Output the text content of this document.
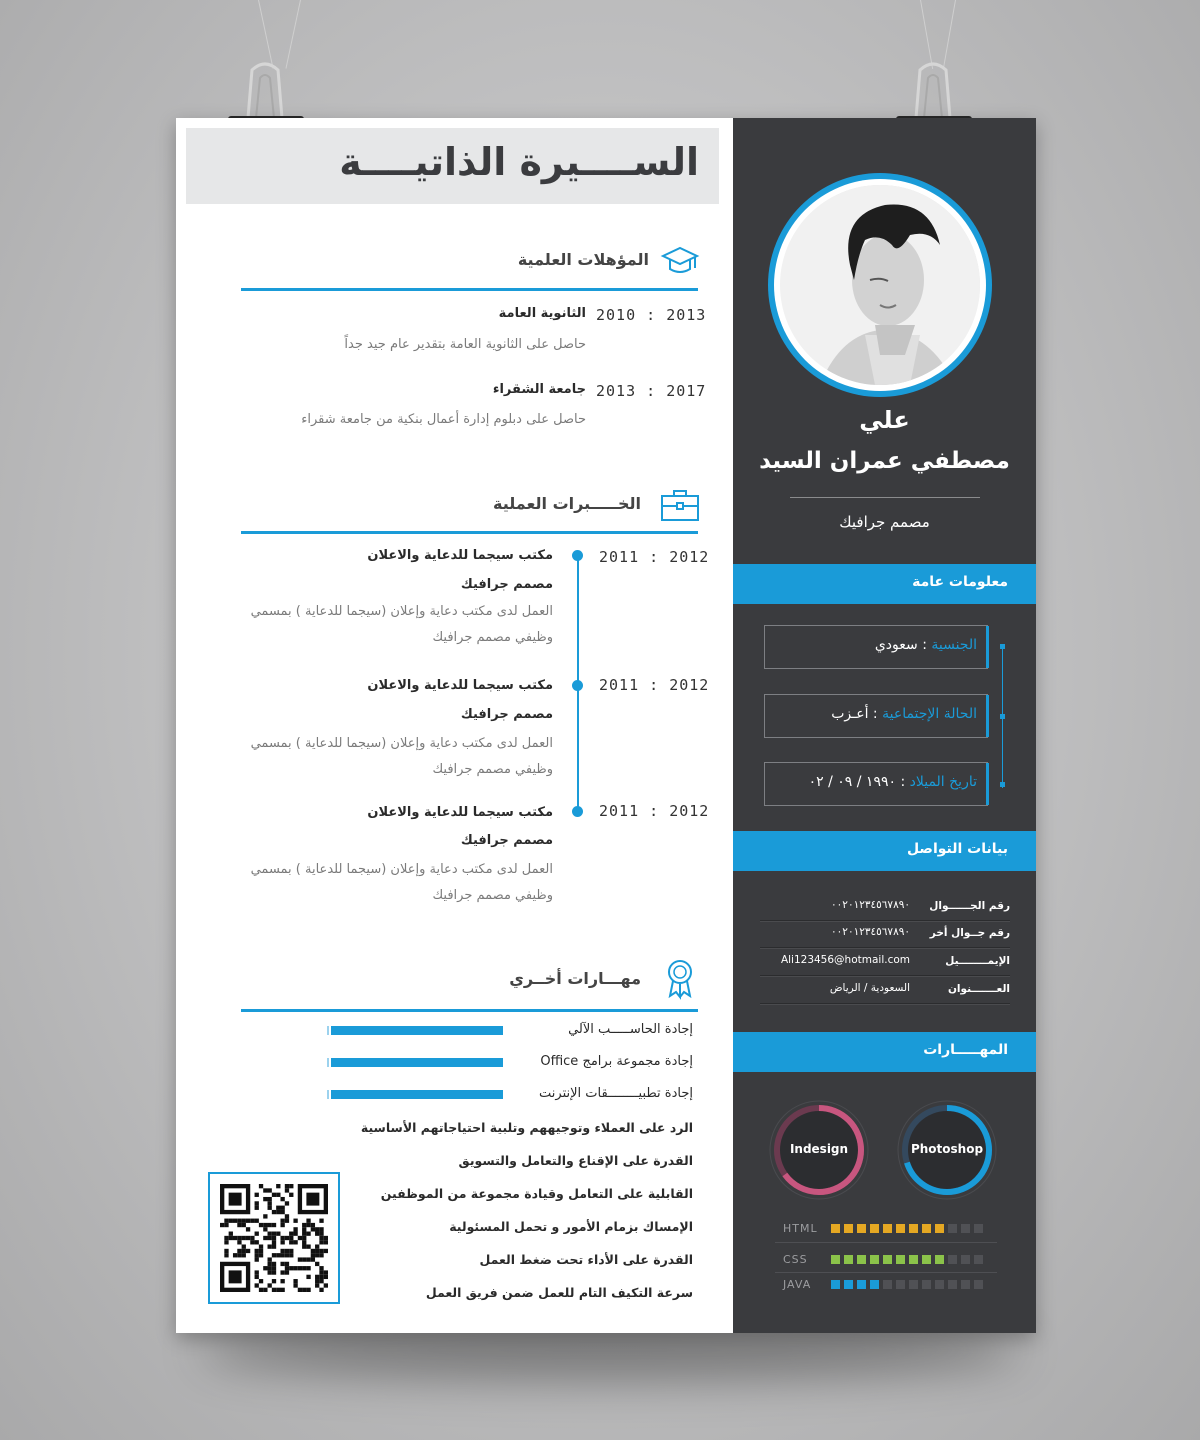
الســــيرة الذاتيــــة
المؤهلات العلمية
2010 : 2013
الثانوية العامة
حاصل على الثانوية العامة بتقدير عام جيد جداً
2013 : 2017
جامعة الشقراء
حاصل على دبلوم إدارة أعمال بنكية من جامعة شقراء
الخـــــبرات العملية
2011 : 2012
مكتب سيجما للدعاية والاعلان
مصمم جرافيك
العمل لدى مكتب دعاية وإعلان (سيجما للدعاية ) بمسمي
وظيفي مصمم جرافيك
2011 : 2012
مكتب سيجما للدعاية والاعلان
مصمم جرافيك
العمل لدى مكتب دعاية وإعلان (سيجما للدعاية ) بمسمي
وظيفي مصمم جرافيك
2011 : 2012
مكتب سيجما للدعاية والاعلان
مصمم جرافيك
العمل لدى مكتب دعاية وإعلان (سيجما للدعاية ) بمسمي
وظيفي مصمم جرافيك
مهـــارات أخــري
إجادة الحاســـــب الآلي
إجادة مجموعة برامج Office
إجادة تطبيــــــــقات الإنترنت
الرد على العملاء وتوجيههم وتلبية احتياجاتهم الأساسية
القدرة على الإقناع والتعامل والتسويق
القابلية على التعامل وقيادة مجموعة من الموظفين
الإمساك بزمام الأمور و تحمل المسئولية
القدرة على الأداء تحت ضغط العمل
سرعة التكيف التام للعمل ضمن فريق العمل
علي
مصطفي عمران السيد
مصمم جرافيك
معلومات عامة
الجنسية : سعودي
الحالة الإجتماعية : أعـزب
تاريخ الميلاد : ١٩٩٠ / ٠٩ / ٠٢
بيانات التواصل
رقم الجــــــوال
٠٠٢٠١٢٣٤٥٦٧٨٩٠
رقم جــوال أخر
٠٠٢٠١٢٣٤٥٦٧٨٩٠
الإيمــــــــيل
Ali123456@hotmail.com
العـــــــنوان
السعودية / الرياض
المهـــــارات
Photoshop
Indesign
HTML
CSS
JAVA
